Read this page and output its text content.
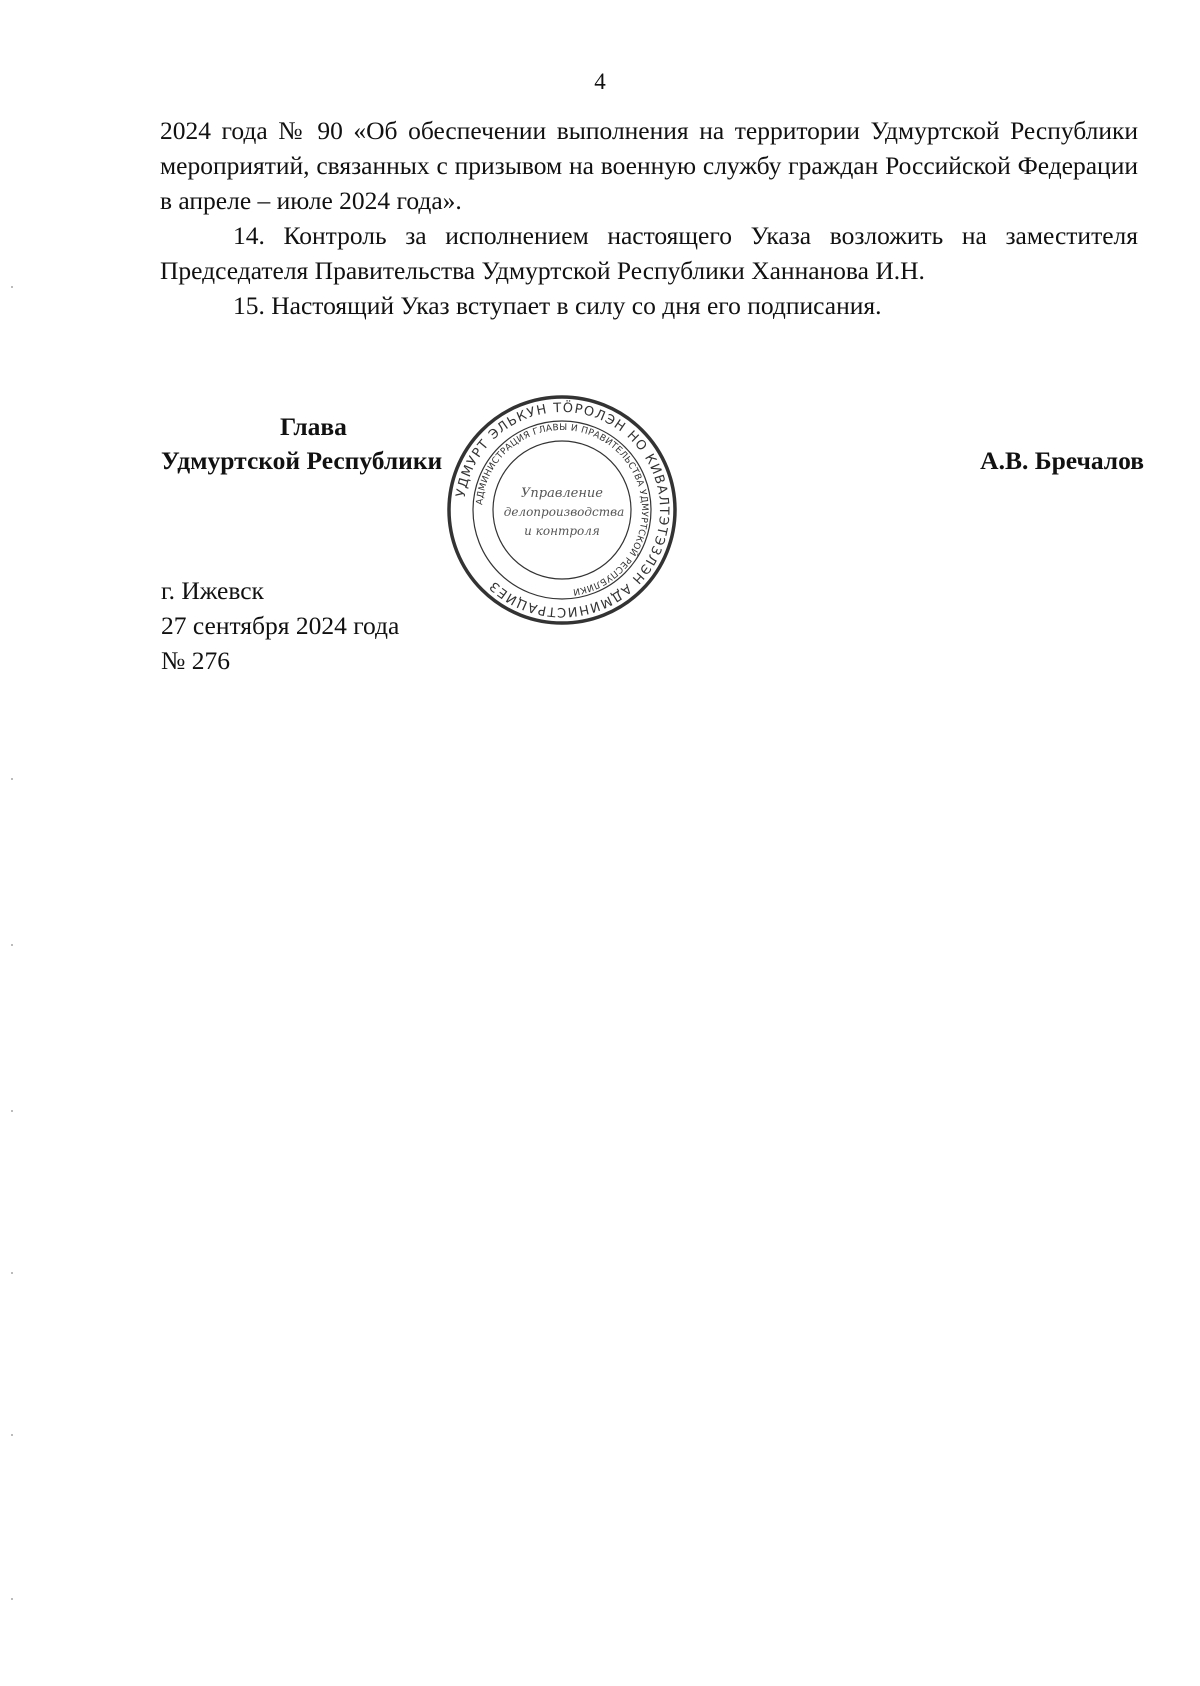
4

2024 года № 90 «Об обеспечении выполнения на территории Удмуртской Республики мероприятий, связанных с призывом на военную службу граждан Российской Федерации в апреле – июле 2024 года».

14. Контроль за исполнением настоящего Указа возложить на заместителя Председателя Правительства Удмуртской Республики Ханнанова И.Н.

15. Настоящий Указ вступает в силу со дня его подписания.

Глава
Удмуртской Республики	А.В. Бречалов
УДМУРТ ЭЛЬКУН ТӦРОЛЭН НО КИВАЛТЭТЭЗЛЭН АДМИНИСТРАЦИЕЗ
АДМИНИСТРАЦИЯ ГЛАВЫ И ПРАВИТЕЛЬСТВА УДМУРТСКОЙ РЕСПУБЛИКИ
Управление
делопроизводства
и контроля
г. Ижевск
27 сентября 2024 года
№ 276
